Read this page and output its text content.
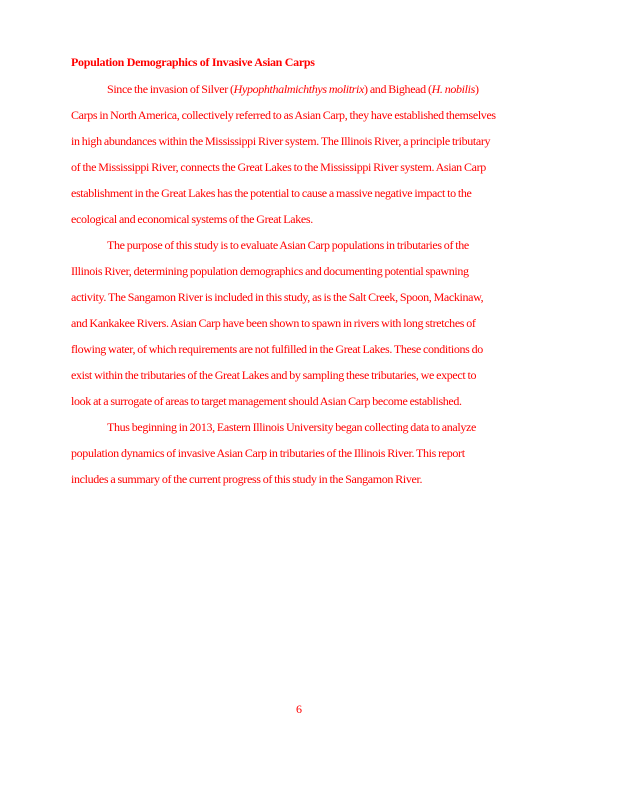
Population Demographics of Invasive Asian Carps
Since the invasion of Silver (Hypophthalmichthys molitrix) and Bighead (H. nobilis)
Carps in North America, collectively referred to as Asian Carp, they have established themselves
in high abundances within the Mississippi River system. The Illinois River, a principle tributary
of the Mississippi River, connects the Great Lakes to the Mississippi River system. Asian Carp
establishment in the Great Lakes has the potential to cause a massive negative impact to the
ecological and economical systems of the Great Lakes.
The purpose of this study is to evaluate Asian Carp populations in tributaries of the
Illinois River, determining population demographics and documenting potential spawning
activity. The Sangamon River is included in this study, as is the Salt Creek, Spoon, Mackinaw,
and Kankakee Rivers. Asian Carp have been shown to spawn in rivers with long stretches of
flowing water, of which requirements are not fulfilled in the Great Lakes. These conditions do
exist within the tributaries of the Great Lakes and by sampling these tributaries, we expect to
look at a surrogate of areas to target management should Asian Carp become established.
Thus beginning in 2013, Eastern Illinois University began collecting data to analyze
population dynamics of invasive Asian Carp in tributaries of the Illinois River. This report
includes a summary of the current progress of this study in the Sangamon River.
6
